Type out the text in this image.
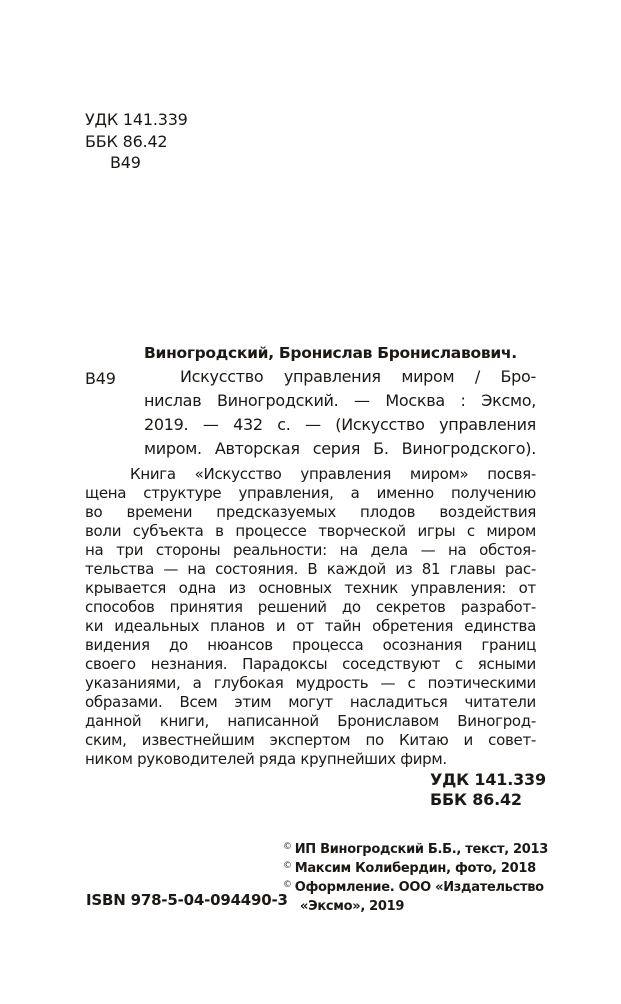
УДК 141.339
ББК 86.42
В49
В49
Виногродский, Бронислав Брониславович.
Искусство управления миром / Бро-
нислав Виногродский. — Москва : Эксмо,
2019. — 432 с. — (Искусство управления
миром. Авторская серия Б. Виногродского).
Книга «Искусство управления миром» посвя-
щена структуре управления, а именно получению
во времени предсказуемых плодов воздействия
воли субъекта в процессе творческой игры с миром
на три стороны реальности: на дела — на обстоя-
тельства — на состояния. В каждой из 81 главы рас-
крывается одна из основных техник управления: от
способов принятия решений до секретов разработ-
ки идеальных планов и от тайн обретения единства
видения до нюансов процесса осознания границ
своего незнания. Парадоксы соседствуют с ясными
указаниями, а глубокая мудрость — с поэтическими
образами. Всем этим могут насладиться читатели
данной книги, написанной Брониславом Виногрод-
ским, известнейшим экспертом по Китаю и совет-
ником руководителей ряда крупнейших фирм.
УДК 141.339
ББК 86.42
© ИП Виногродский Б.Б., текст, 2013
© Максим Колибердин, фото, 2018
© Оформление. ООО «Издательство
«Эксмо», 2019
ISBN 978-5-04-094490-3
